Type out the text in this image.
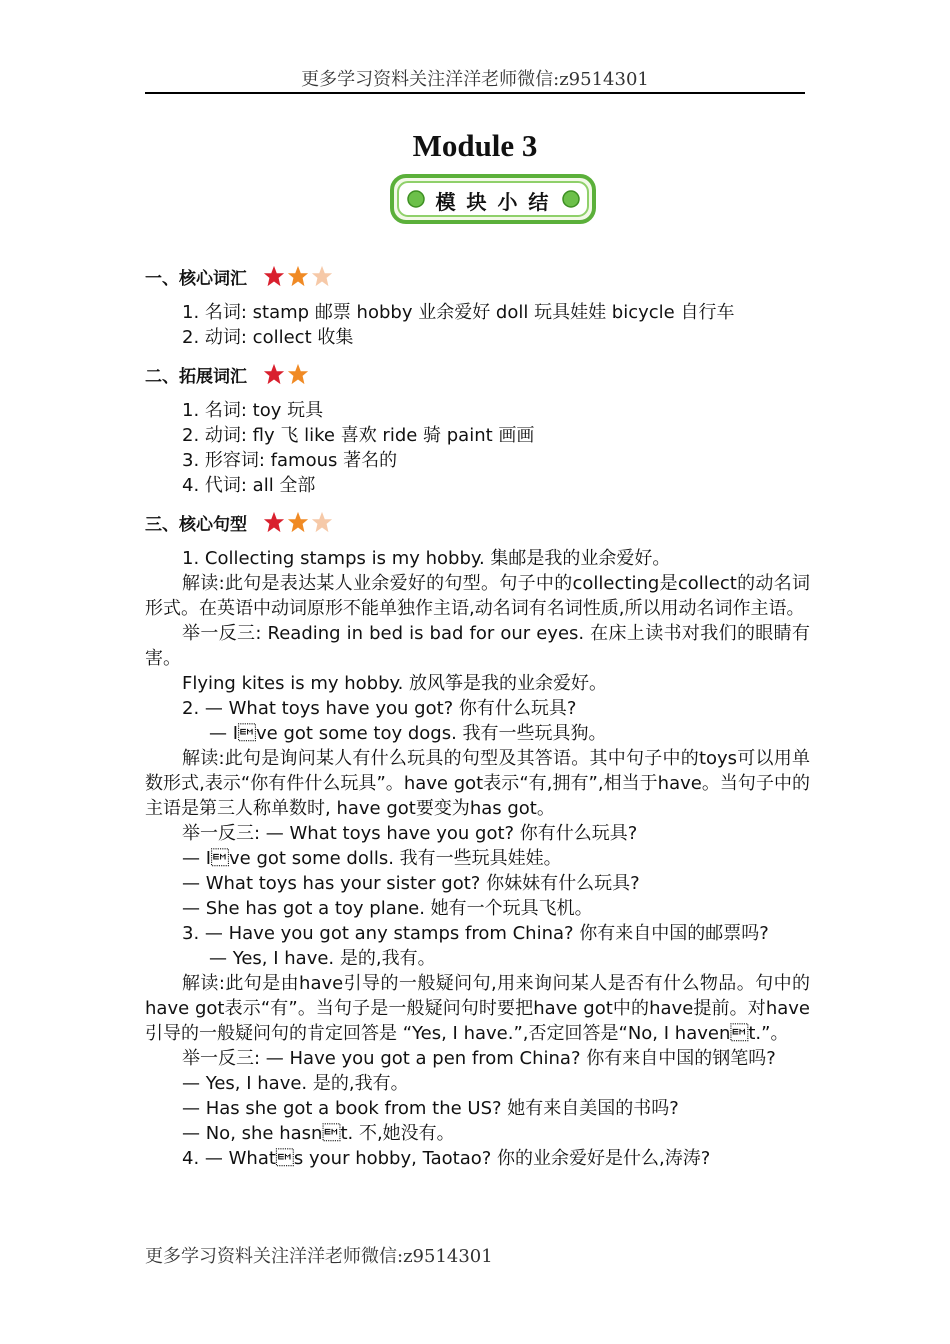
更多学习资料关注洋洋老师微信:z9514301
Module 3
模 块 小 结
一、核心词汇
1. 名词: stamp 邮票 hobby 业余爱好 doll 玩具娃娃 bicycle 自行车
2. 动词: collect 收集
二、拓展词汇
1. 名词: toy 玩具
2. 动词: fly 飞 like 喜欢 ride 骑 paint 画画
3. 形容词: famous 著名的
4. 代词: all 全部
三、核心句型
1. Collecting stamps is my hobby. 集邮是我的业余爱好。
解读:此句是表达某人业余爱好的句型。句子中的collecting是collect的动名词形式。在英语中动词原形不能单独作主语,动名词有名词性质,所以用动名词作主语。
举一反三: Reading in bed is bad for our eyes. 在床上读书对我们的眼睛有害。
Flying kites is my hobby. 放风筝是我的业余爱好。
2. — What toys have you got? 你有什么玩具?
— Ive got some toy dogs. 我有一些玩具狗。
解读:此句是询问某人有什么玩具的句型及其答语。其中句子中的toys可以用单数形式,表示“你有件什么玩具”。have got表示“有,拥有”,相当于have。当句子中的主语是第三人称单数时, have got要变为has got。
举一反三: — What toys have you got? 你有什么玩具?
— Ive got some dolls. 我有一些玩具娃娃。
— What toys has your sister got? 你妹妹有什么玩具?
— She has got a toy plane. 她有一个玩具飞机。
3. — Have you got any stamps from China? 你有来自中国的邮票吗?
— Yes, I have. 是的,我有。
解读:此句是由have引导的一般疑问句,用来询问某人是否有什么物品。句中的have got表示“有”。当句子是一般疑问句时要把have got中的have提前。对have引导的一般疑问句的肯定回答是 “Yes, I have.”,否定回答是“No, I havent.”。
举一反三: — Have you got a pen from China? 你有来自中国的钢笔吗?
— Yes, I have. 是的,我有。
— Has she got a book from the US? 她有来自美国的书吗?
— No, she hasnt. 不,她没有。
4. — Whats your hobby, Taotao? 你的业余爱好是什么,涛涛?
更多学习资料关注洋洋老师微信:z9514301
